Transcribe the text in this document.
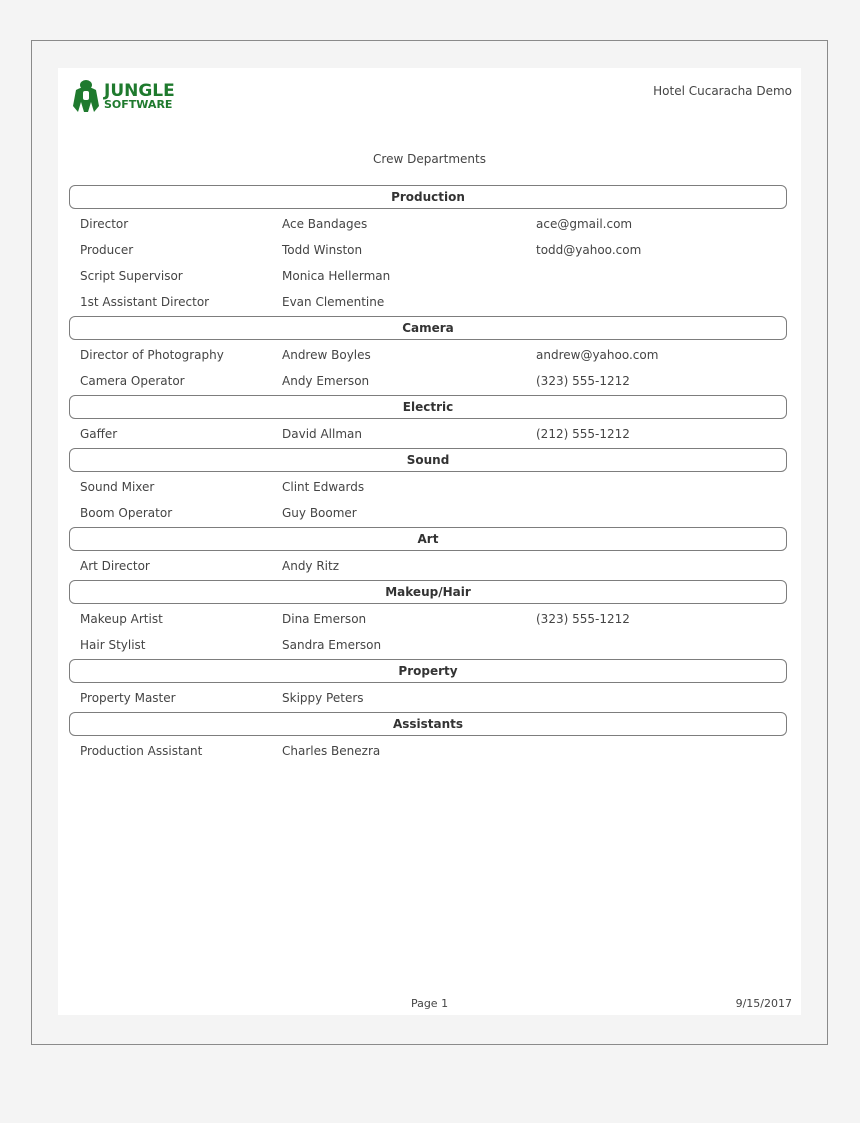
JUNGLE
SOFTWARE
Hotel Cucaracha Demo
Crew Departments
Production
Director	Ace Bandages	ace@gmail.com
Producer	Todd Winston	todd@yahoo.com
Script Supervisor	Monica Hellerman
1st Assistant Director	Evan Clementine
Camera
Director of Photography	Andrew Boyles	andrew@yahoo.com
Camera Operator	Andy Emerson	(323) 555-1212
Electric
Gaffer	David Allman	(212) 555-1212
Sound
Sound Mixer	Clint Edwards
Boom Operator	Guy Boomer
Art
Art Director	Andy Ritz
Makeup/Hair
Makeup Artist	Dina Emerson	(323) 555-1212
Hair Stylist	Sandra Emerson
Property
Property Master	Skippy Peters
Assistants
Production Assistant	Charles Benezra
Page 1	9/15/2017
